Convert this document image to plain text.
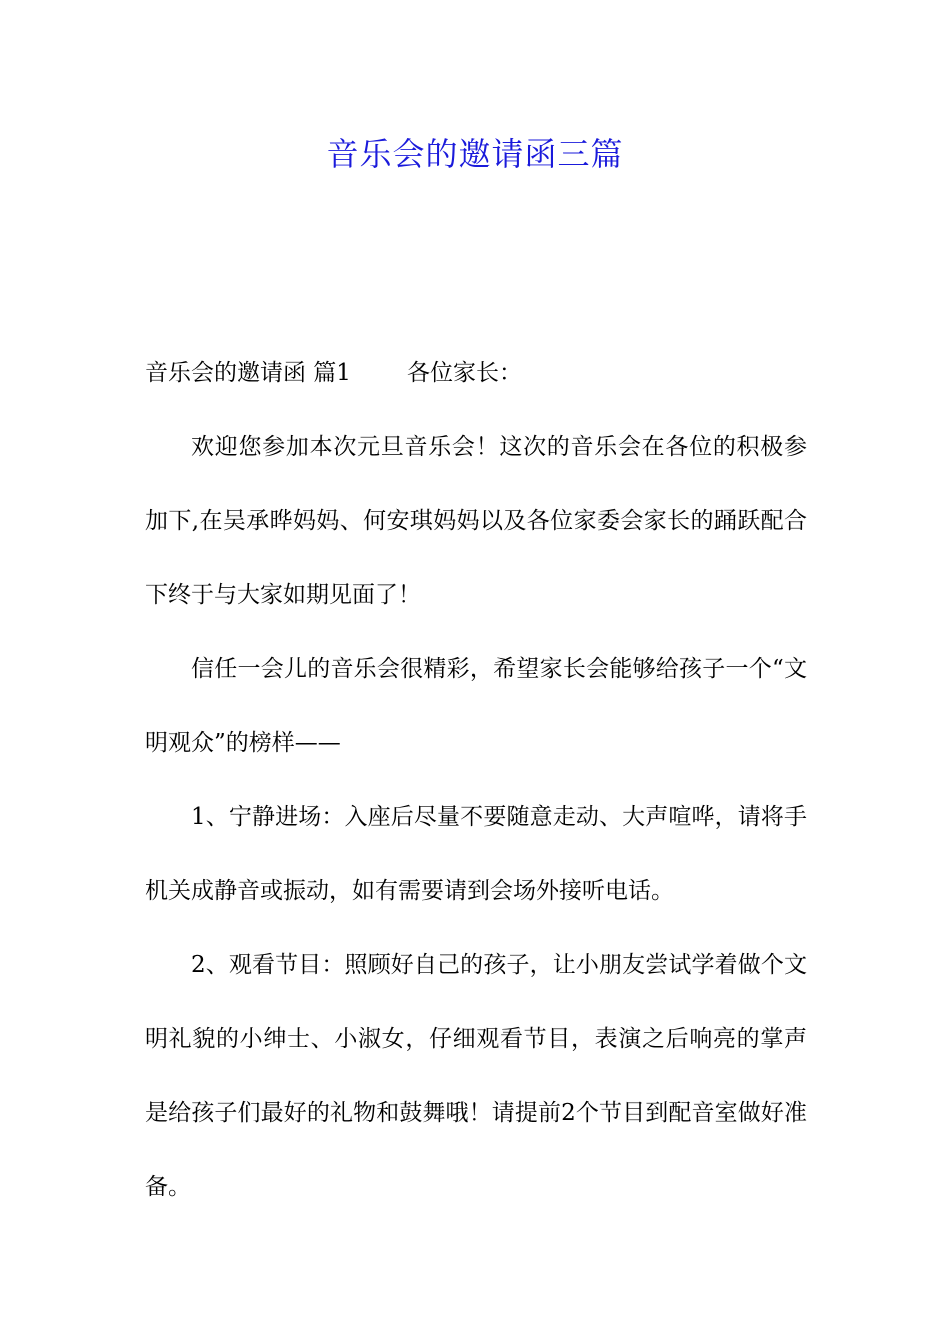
音乐会的邀请函三篇

音乐会的邀请函 篇1 各位家长：

欢迎您参加本次元旦音乐会！这次的音乐会在各位的积极参加下,在吴承晔妈妈、何安琪妈妈以及各位家委会家长的踊跃配合下终于与大家如期见面了！

信任一会儿的音乐会很精彩，希望家长会能够给孩子一个“文明观众”的榜样——

1、宁静进场：入座后尽量不要随意走动、大声喧哗，请将手机关成静音或振动，如有需要请到会场外接听电话。

2、观看节目：照顾好自己的孩子，让小朋友尝试学着做个文明礼貌的小绅士、小淑女，仔细观看节目，表演之后响亮的掌声是给孩子们最好的礼物和鼓舞哦！请提前2个节目到配音室做好准备。
